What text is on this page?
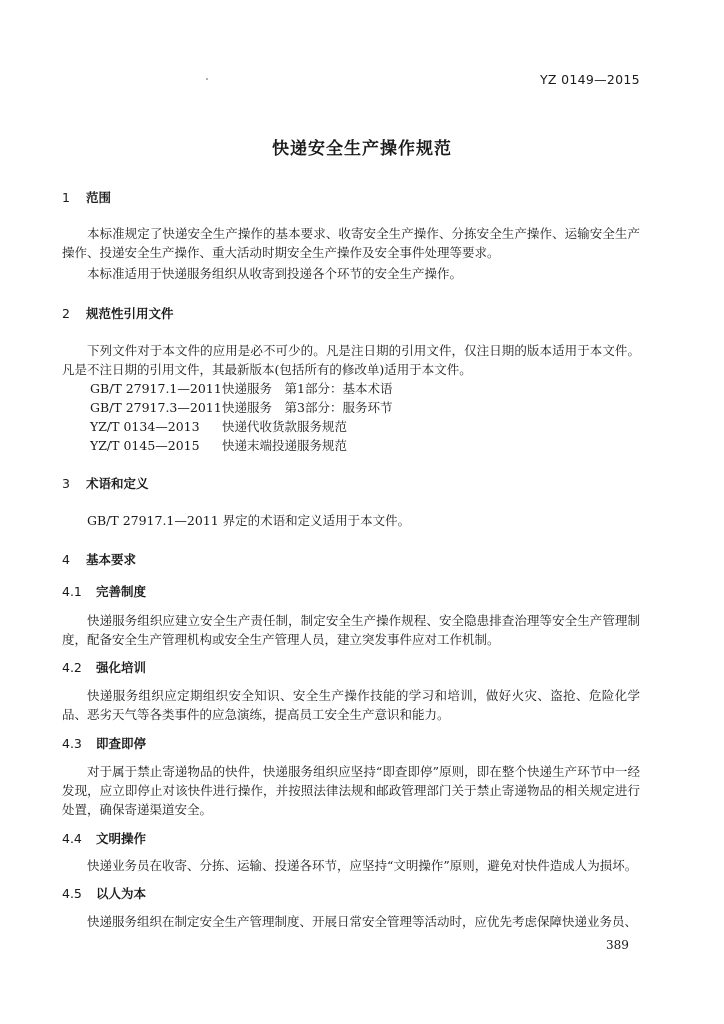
YZ 0149—2015
快递安全生产操作规范
1 范围
本标准规定了快递安全生产操作的基本要求、收寄安全生产操作、分拣安全生产操作、运输安全生产操作、投递安全生产操作、重大活动时期安全生产操作及安全事件处理等要求。
本标准适用于快递服务组织从收寄到投递各个环节的安全生产操作。
2 规范性引用文件
下列文件对于本文件的应用是必不可少的。凡是注日期的引用文件，仅注日期的版本适用于本文件。凡是不注日期的引用文件，其最新版本(包括所有的修改单)适用于本文件。
GB/T 27917.1—2011快递服务　第1部分：基本术语
GB/T 27917.3—2011快递服务　第3部分：服务环节
YZ/T 0134—2013 快递代收货款服务规范
YZ/T 0145—2015 快递末端投递服务规范
3 术语和定义
GB/T 27917.1—2011 界定的术语和定义适用于本文件。
4 基本要求
4.1 完善制度
快递服务组织应建立安全生产责任制，制定安全生产操作规程、安全隐患排查治理等安全生产管理制度，配备安全生产管理机构或安全生产管理人员，建立突发事件应对工作机制。
4.2 强化培训
快递服务组织应定期组织安全知识、安全生产操作技能的学习和培训，做好火灾、盗抢、危险化学品、恶劣天气等各类事件的应急演练，提高员工安全生产意识和能力。
4.3 即查即停
对于属于禁止寄递物品的快件，快递服务组织应坚持“即查即停”原则，即在整个快递生产环节中一经发现，应立即停止对该快件进行操作，并按照法律法规和邮政管理部门关于禁止寄递物品的相关规定进行处置，确保寄递渠道安全。
4.4 文明操作
快递业务员在收寄、分拣、运输、投递各环节，应坚持“文明操作”原则，避免对快件造成人为损坏。
4.5 以人为本
快递服务组织在制定安全生产管理制度、开展日常安全管理等活动时，应优先考虑保障快递业务员、
389
